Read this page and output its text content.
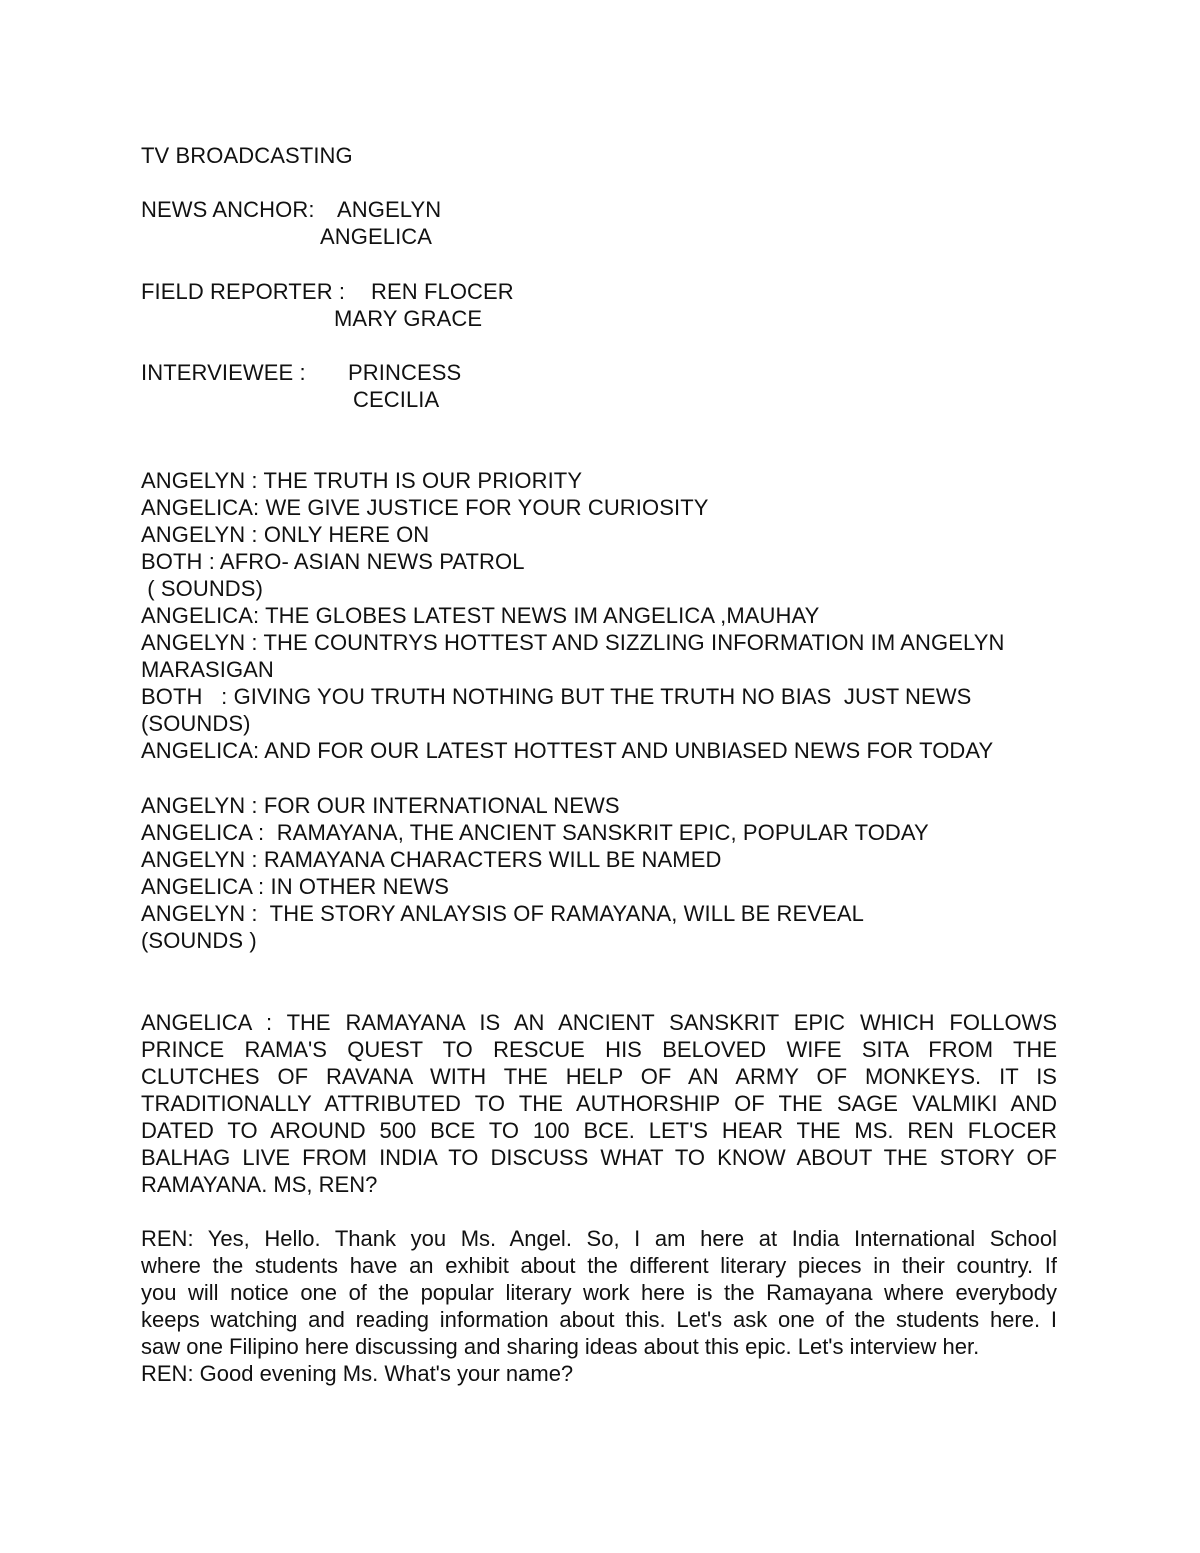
TV BROADCASTING
NEWS ANCHOR: ANGELYN
ANGELICA
FIELD REPORTER : REN FLOCER
MARY GRACE
INTERVIEWEE : PRINCESS
CECILIA
ANGELYN : THE TRUTH IS OUR PRIORITY
ANGELICA: WE GIVE JUSTICE FOR YOUR CURIOSITY
ANGELYN : ONLY HERE ON
BOTH : AFRO- ASIAN NEWS PATROL
( SOUNDS)
ANGELICA: THE GLOBES LATEST NEWS IM ANGELICA ,MAUHAY
ANGELYN : THE COUNTRYS HOTTEST AND SIZZLING INFORMATION IM ANGELYN
MARASIGAN
BOTH   : GIVING YOU TRUTH NOTHING BUT THE TRUTH NO BIAS  JUST NEWS
(SOUNDS)
ANGELICA: AND FOR OUR LATEST HOTTEST AND UNBIASED NEWS FOR TODAY
ANGELYN : FOR OUR INTERNATIONAL NEWS
ANGELICA :  RAMAYANA, THE ANCIENT SANSKRIT EPIC, POPULAR TODAY
ANGELYN : RAMAYANA CHARACTERS WILL BE NAMED
ANGELICA : IN OTHER NEWS
ANGELYN :  THE STORY ANLAYSIS OF RAMAYANA, WILL BE REVEAL
(SOUNDS )
ANGELICA : THE RAMAYANA IS AN ANCIENT SANSKRIT EPIC WHICH FOLLOWS
PRINCE RAMA'S QUEST TO RESCUE HIS BELOVED WIFE SITA FROM THE
CLUTCHES OF RAVANA WITH THE HELP OF AN ARMY OF MONKEYS. IT IS
TRADITIONALLY ATTRIBUTED TO THE AUTHORSHIP OF THE SAGE VALMIKI AND
DATED TO AROUND 500 BCE TO 100 BCE. LET'S HEAR THE MS. REN FLOCER
BALHAG LIVE FROM INDIA TO DISCUSS WHAT TO KNOW ABOUT THE STORY OF
RAMAYANA. MS, REN?
REN: Yes, Hello. Thank you Ms. Angel. So, I am here at India International School
where the students have an exhibit about the different literary pieces in their country. If
you will notice one of the popular literary work here is the Ramayana where everybody
keeps watching and reading information about this. Let's ask one of the students here. I
saw one Filipino here discussing and sharing ideas about this epic. Let's interview her.
REN: Good evening Ms. What's your name?
